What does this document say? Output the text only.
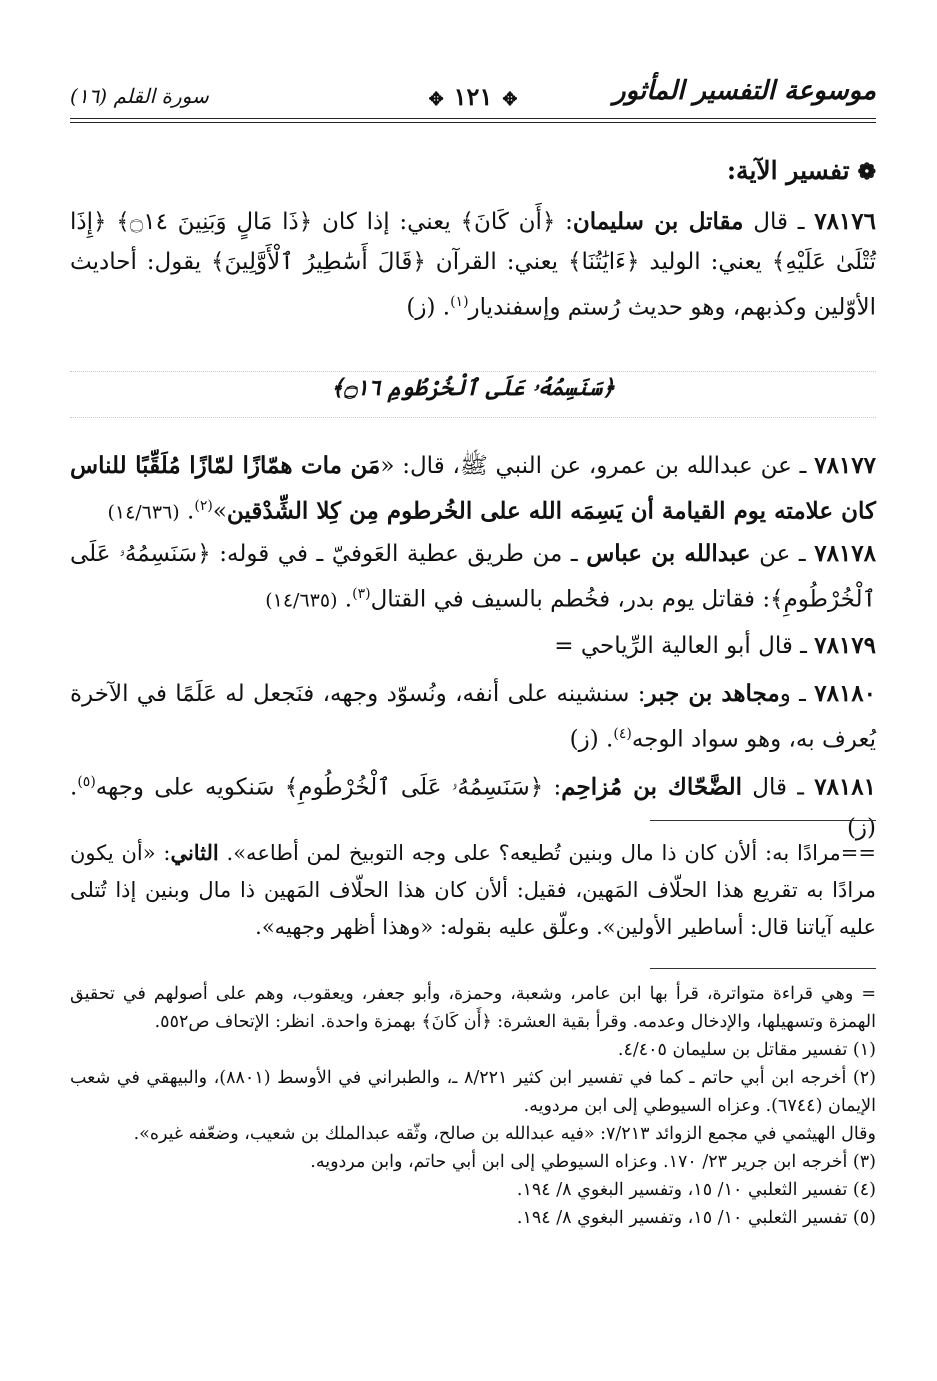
موسوعة التفسير المأثور
✥١٢١✥
سورة القلم (١٦)
❁تفسير الآية:

٧٨١٧٦ ـ قال مقاتل بن سليمان: ﴿أَن كَانَ﴾ يعني: إذا كان ﴿ذَا مَالٍ وَبَنِينَ ۝١٤﴾ ﴿إِذَا تُتْلَىٰ عَلَيْهِ﴾ يعني: الوليد ﴿ءَايَٰتُنَا﴾ يعني: القرآن ﴿قَالَ أَسَٰطِيرُ ٱلْأَوَّلِينَ﴾ يقول: أحاديث الأوّلين وكذبهم، وهو حديث رُستم وإسفنديار$^{(١)}$. (ز)

﴿سَنَسِمُهُۥ عَلَى ٱلْخُرْطُومِ ۝١٦﴾

٧٨١٧٧ ـ عن عبدالله بن عمرو، عن النبي ﷺ، قال: «مَن مات همّازًا لمّازًا مُلَقِّبًا للناس كان علامته يوم القيامة أن يَسِمَه الله على الخُرطوم مِن كِلا الشِّدْقين»$^{(٢)}$. (١٤/٦٣٦)

٧٨١٧٨ ـ عن عبدالله بن عباس ـ من طريق عطية العَوفيّ ـ في قوله: ﴿سَنَسِمُهُۥ عَلَى ٱلْخُرْطُومِ﴾: فقاتل يوم بدر، فخُطم بالسيف في القتال$^{(٣)}$. (١٤/٦٣٥)

٧٨١٧٩ ـ قال أبو العالية الرِّياحي =

٧٨١٨٠ ـ ومجاهد بن جبر: سنشينه على أنفه، ونُسوّد وجهه، فنَجعل له عَلَمًا في الآخرة يُعرف به، وهو سواد الوجه$^{(٤)}$. (ز)

٧٨١٨١ ـ قال الضَّحّاك بن مُزاحِم: ﴿سَنَسِمُهُۥ عَلَى ٱلْخُرْطُومِ﴾ سَنكويه على وجهه$^{(٥)}$. (ز)

==مرادًا به: ألأن كان ذا مال وبنين تُطيعه؟ على وجه التوبيخ لمن أطاعه». الثاني: «أن يكون مرادًا به تقريع هذا الحلّاف المَهين، فقيل: ألأن كان هذا الحلّاف المَهين ذا مال وبنين إذا تُتلى عليه آياتنا قال: أساطير الأولين». وعلّق عليه بقوله: «وهذا أظهر وجهيه».

= وهي قراءة متواترة، قرأ بها ابن عامر، وشعبة، وحمزة، وأبو جعفر، ويعقوب، وهم على أصولهم في تحقيق الهمزة وتسهيلها، والإدخال وعدمه. وقرأ بقية العشرة: ﴿أَن كَانَ﴾ بهمزة واحدة. انظر: الإتحاف ص٥٥٢.

(١) تفسير مقاتل بن سليمان ٤/٤٠٥.

(٢) أخرجه ابن أبي حاتم ـ كما في تفسير ابن كثير ٨/٢٢١ ـ، والطبراني في الأوسط (٨٨٠١)، والبيهقي في شعب الإيمان (٦٧٤٤). وعزاه السيوطي إلى ابن مردويه.

وقال الهيثمي في مجمع الزوائد ٧/٢١٣: «فيه عبدالله بن صالح، وثّقه عبدالملك بن شعيب، وضعّفه غيره».

(٣) أخرجه ابن جرير ٢٣/ ١٧٠. وعزاه السيوطي إلى ابن أبي حاتم، وابن مردويه.

(٤) تفسير الثعلبي ١٠/ ١٥، وتفسير البغوي ٨/ ١٩٤.

(٥) تفسير الثعلبي ١٠/ ١٥، وتفسير البغوي ٨/ ١٩٤.
